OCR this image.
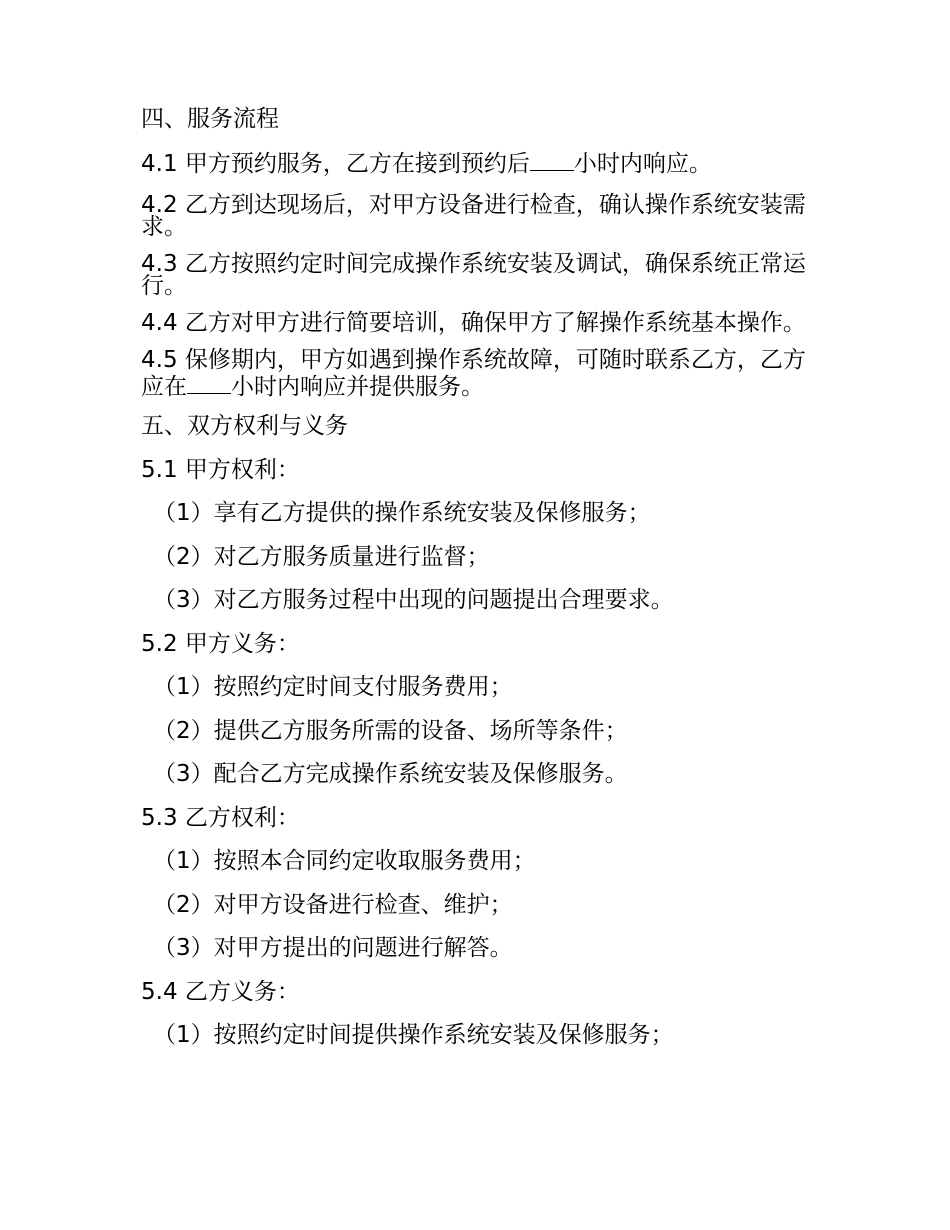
四、服务流程
4.1 甲方预约服务，乙方在接到预约后 小时内响应。
4.2 乙方到达现场后，对甲方设备进行检查，确认操作系统安装需求。
4.3 乙方按照约定时间完成操作系统安装及调试，确保系统正常运行。
4.4 乙方对甲方进行简要培训，确保甲方了解操作系统基本操作。
4.5 保修期内，甲方如遇到操作系统故障，可随时联系乙方，乙方应在 小时内响应并提供服务。
五、双方权利与义务
5.1 甲方权利：
（1）享有乙方提供的操作系统安装及保修服务；
（2）对乙方服务质量进行监督；
（3）对乙方服务过程中出现的问题提出合理要求。
5.2 甲方义务：
（1）按照约定时间支付服务费用；
（2）提供乙方服务所需的设备、场所等条件；
（3）配合乙方完成操作系统安装及保修服务。
5.3 乙方权利：
（1）按照本合同约定收取服务费用；
（2）对甲方设备进行检查、维护；
（3）对甲方提出的问题进行解答。
5.4 乙方义务：
（1）按照约定时间提供操作系统安装及保修服务；
